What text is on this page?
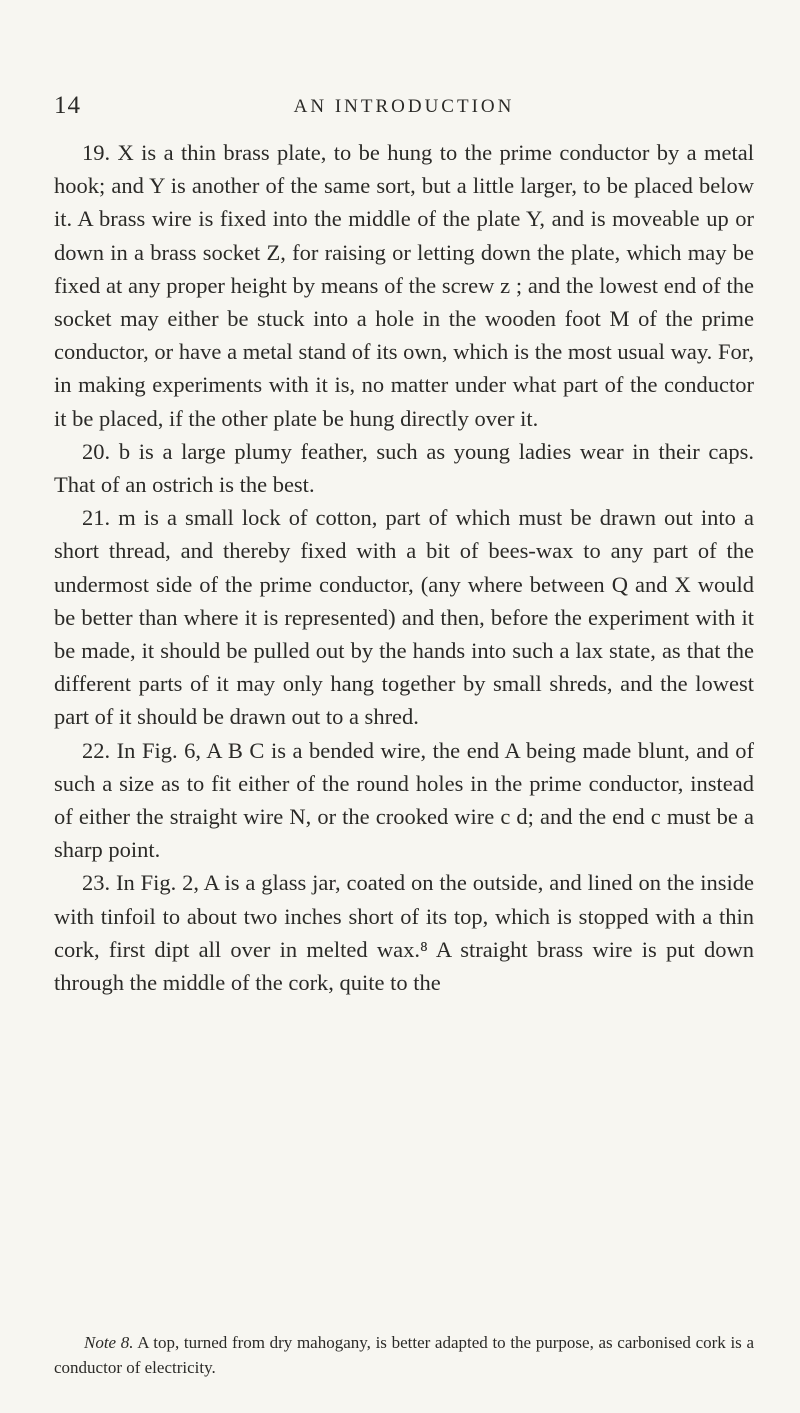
14	AN INTRODUCTION

19. X is a thin brass plate, to be hung to the prime conductor by a metal hook; and Y is another of the same sort, but a little larger, to be placed below it. A brass wire is fixed into the middle of the plate Y, and is moveable up or down in a brass socket Z, for raising or letting down the plate, which may be fixed at any proper height by means of the screw z ; and the lowest end of the socket may either be stuck into a hole in the wooden foot M of the prime conductor, or have a metal stand of its own, which is the most usual way. For, in making experiments with it is, no matter under what part of the conductor it be placed, if the other plate be hung directly over it.

20. b is a large plumy feather, such as young ladies wear in their caps. That of an ostrich is the best.

21. m is a small lock of cotton, part of which must be drawn out into a short thread, and thereby fixed with a bit of bees-wax to any part of the undermost side of the prime conductor, (any where between Q and X would be better than where it is represented) and then, before the experiment with it be made, it should be pulled out by the hands into such a lax state, as that the different parts of it may only hang together by small shreds, and the lowest part of it should be drawn out to a shred.

22. In Fig. 6, A B C is a bended wire, the end A being made blunt, and of such a size as to fit either of the round holes in the prime conductor, instead of either the straight wire N, or the crooked wire c d; and the end c must be a sharp point.

23. In Fig. 2, A is a glass jar, coated on the outside, and lined on the inside with tinfoil to about two inches short of its top, which is stopped with a thin cork, first dipt all over in melted wax.⁸ A straight brass wire is put down through the middle of the cork, quite to the

Note 8. A top, turned from dry mahogany, is better adapted to the purpose, as carbonised cork is a conductor of electricity.
